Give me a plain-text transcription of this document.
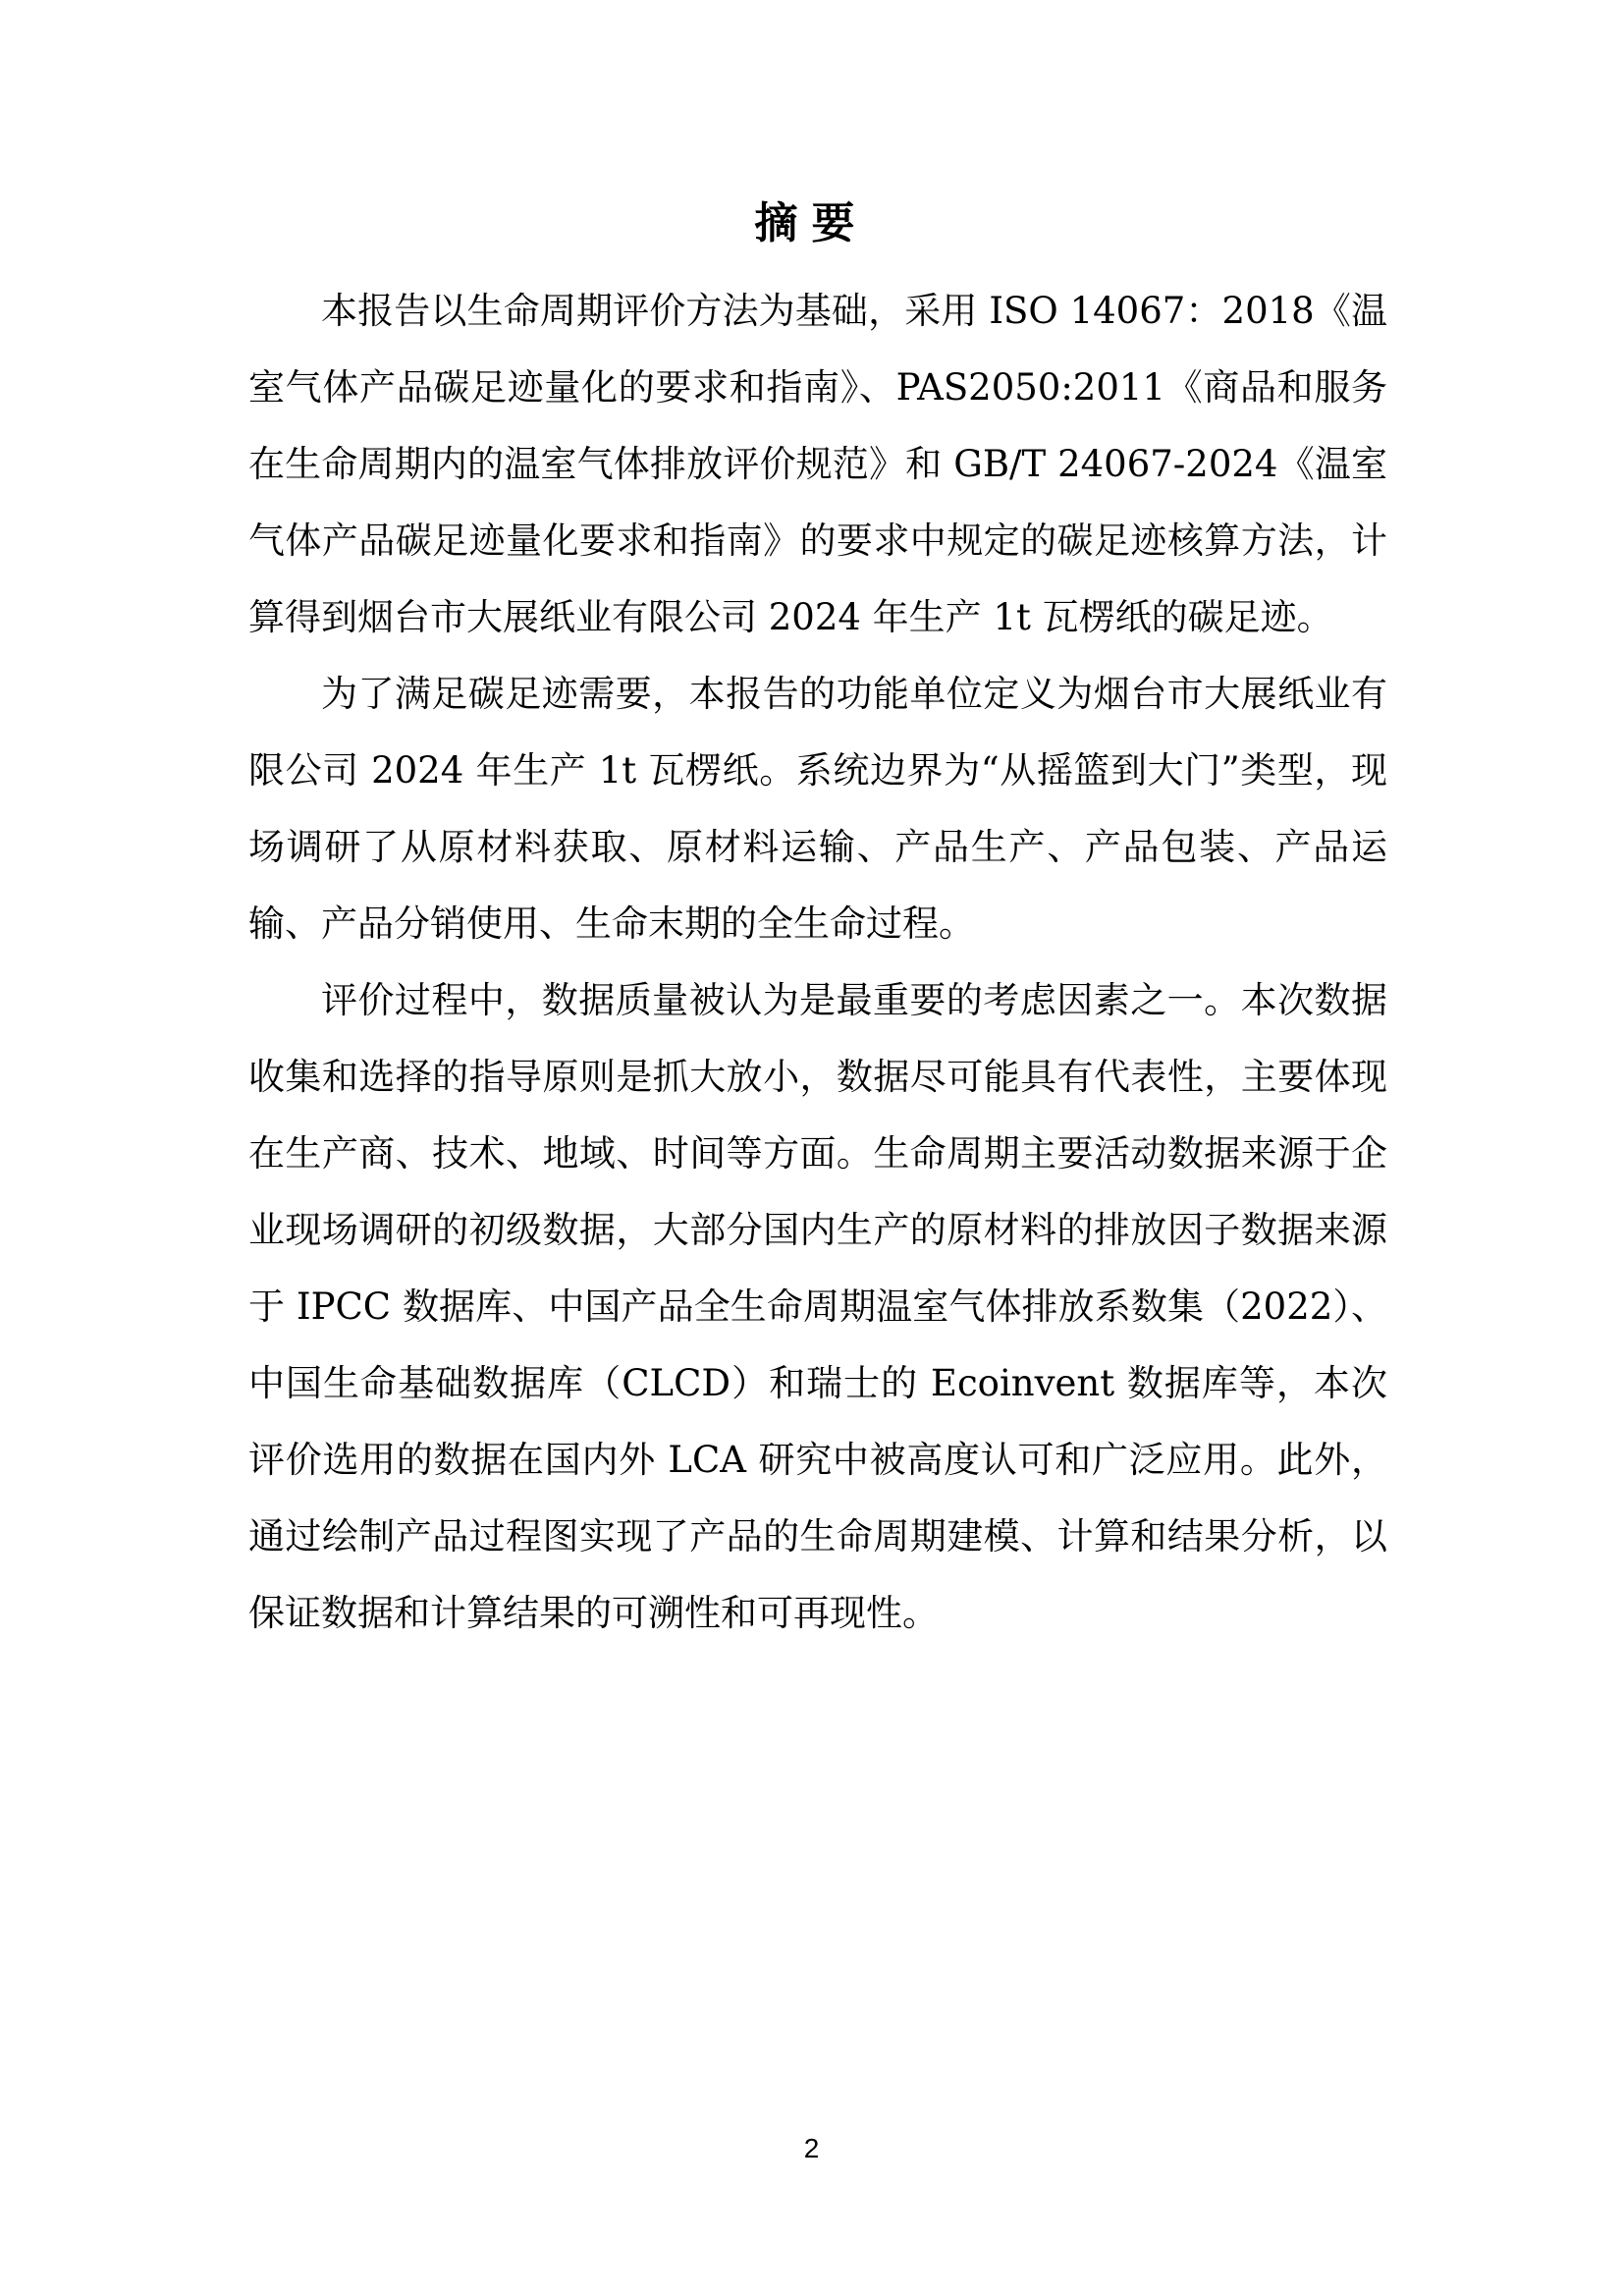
摘要

本报告以生命周期评价方法为基础，采用 ISO 14067：2018《温室气体产品碳足迹量化的要求和指南》、PAS2050:2011《商品和服务在生命周期内的温室气体排放评价规范》和 GB/T 24067-2024《温室气体产品碳足迹量化要求和指南》的要求中规定的碳足迹核算方法，计算得到烟台市大展纸业有限公司 2024 年生产 1t 瓦楞纸的碳足迹。

为了满足碳足迹需要，本报告的功能单位定义为烟台市大展纸业有限公司 2024 年生产 1t 瓦楞纸。系统边界为“从摇篮到大门”类型，现场调研了从原材料获取、原材料运输、产品生产、产品包装、产品运输、产品分销使用、生命末期的全生命过程。

评价过程中，数据质量被认为是最重要的考虑因素之一。本次数据收集和选择的指导原则是抓大放小，数据尽可能具有代表性，主要体现在生产商、技术、地域、时间等方面。生命周期主要活动数据来源于企业现场调研的初级数据，大部分国内生产的原材料的排放因子数据来源于 IPCC 数据库、中国产品全生命周期温室气体排放系数集（2022）、中国生命基础数据库（CLCD）和瑞士的 Ecoinvent 数据库等，本次评价选用的数据在国内外 LCA 研究中被高度认可和广泛应用。此外，通过绘制产品过程图实现了产品的生命周期建模、计算和结果分析，以保证数据和计算结果的可溯性和可再现性。

2
